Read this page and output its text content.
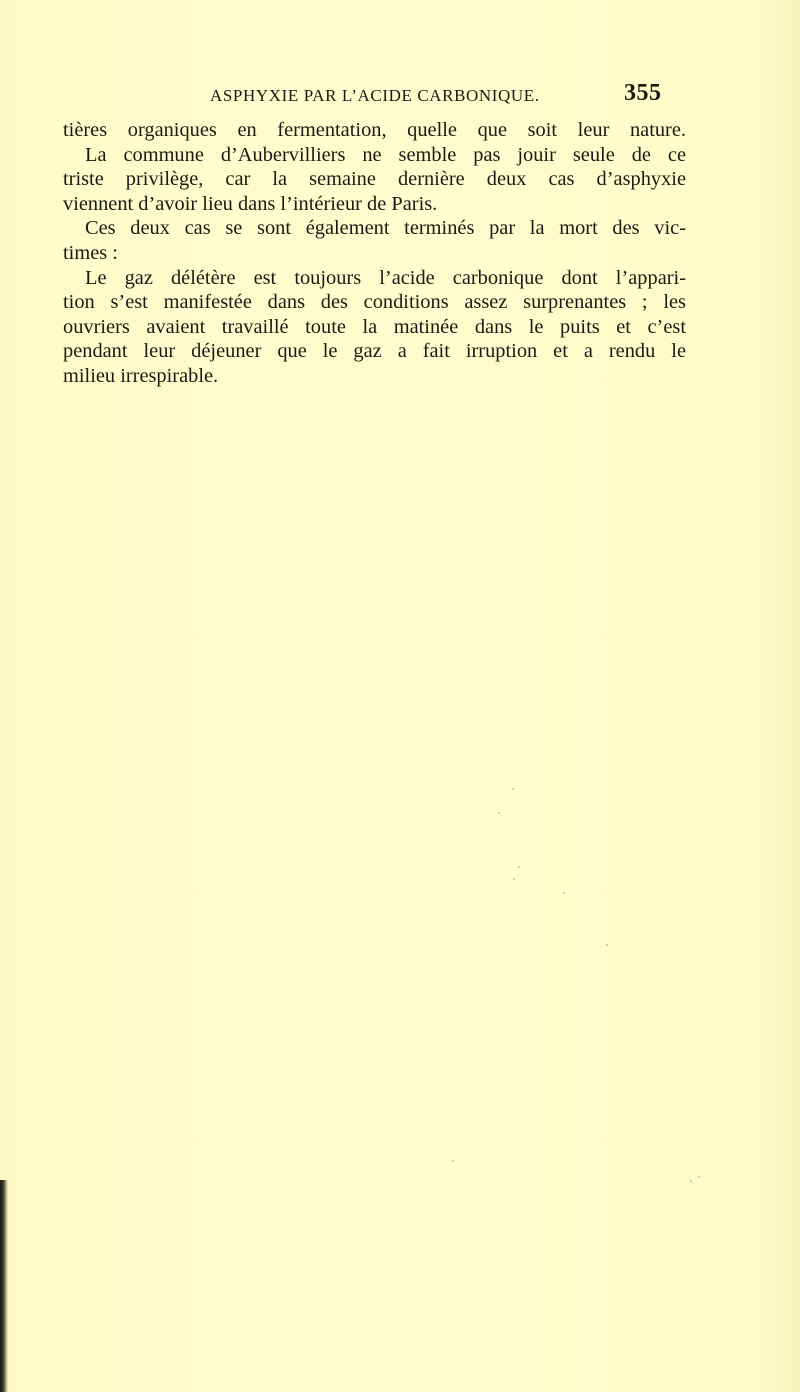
ASPHYXIE PAR L’ACIDE CARBONIQUE.	355
tières organiques en fermentation, quelle que soit leur nature.
La commune d’Aubervilliers ne semble pas jouir seule de ce
triste privilège, car la semaine dernière deux cas d’asphyxie
viennent d’avoir lieu dans l’intérieur de Paris.
Ces deux cas se sont également terminés par la mort des vic-
times :
Le gaz délétère est toujours l’acide carbonique dont l’appari-
tion s’est manifestée dans des conditions assez surprenantes ; les
ouvriers avaient travaillé toute la matinée dans le puits et c’est
pendant leur déjeuner que le gaz a fait irruption et a rendu le
milieu irrespirable.
